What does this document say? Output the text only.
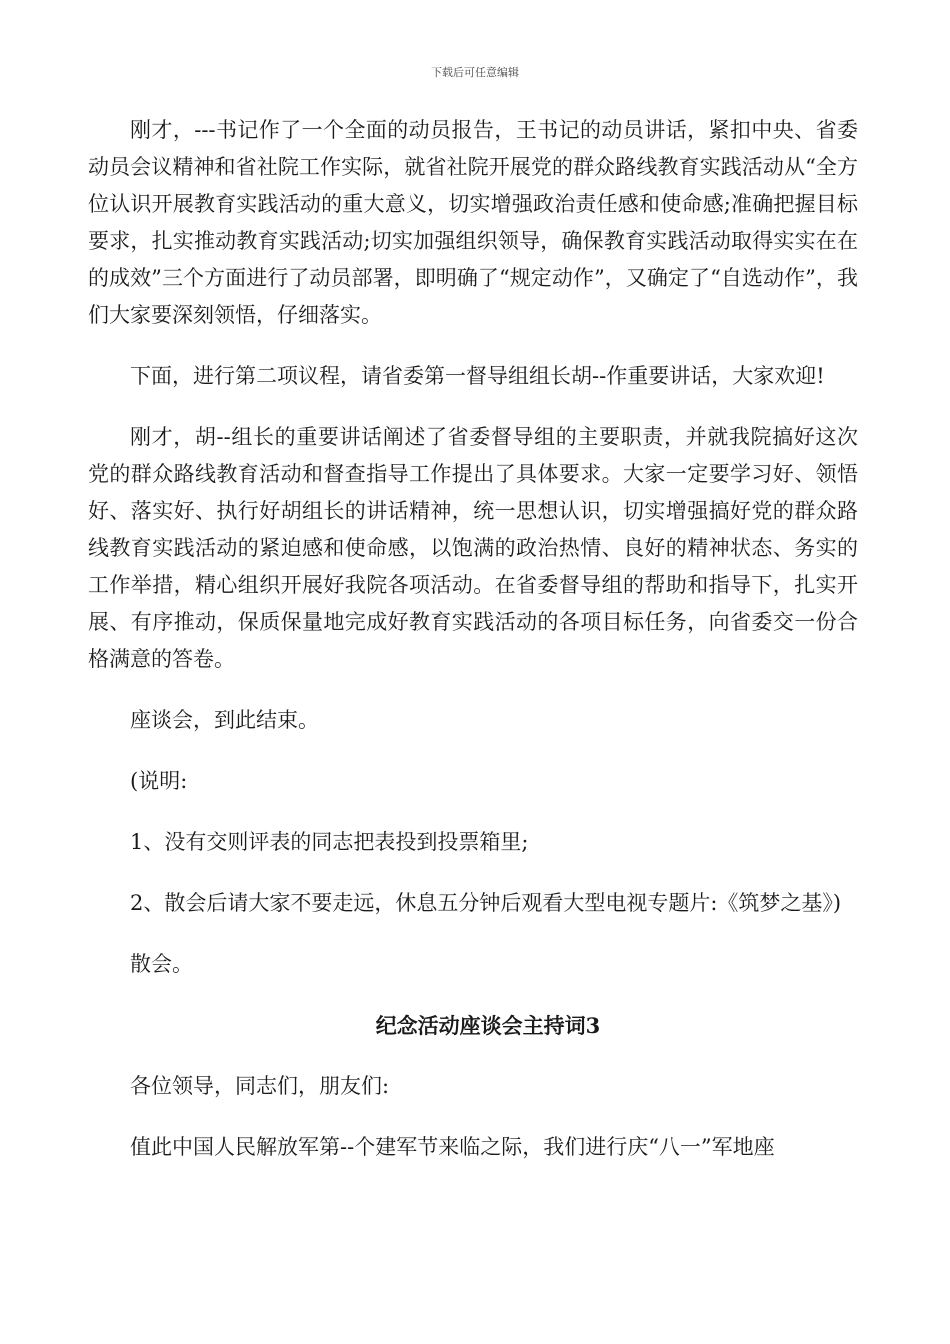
下载后可任意编辑

刚才，---书记作了一个全面的动员报告，王书记的动员讲话，紧扣中央、省委动员会议精神和省社院工作实际，就省社院开展党的群众路线教育实践活动从“全方位认识开展教育实践活动的重大意义，切实增强政治责任感和使命感;准确把握目标要求，扎实推动教育实践活动;切实加强组织领导，确保教育实践活动取得实实在在的成效”三个方面进行了动员部署，即明确了“规定动作”，又确定了“自选动作”，我们大家要深刻领悟，仔细落实。

下面，进行第二项议程，请省委第一督导组组长胡--作重要讲话，大家欢迎!

刚才，胡--组长的重要讲话阐述了省委督导组的主要职责，并就我院搞好这次党的群众路线教育活动和督查指导工作提出了具体要求。大家一定要学习好、领悟好、落实好、执行好胡组长的讲话精神，统一思想认识，切实增强搞好党的群众路线教育实践活动的紧迫感和使命感，以饱满的政治热情、良好的精神状态、务实的工作举措，精心组织开展好我院各项活动。在省委督导组的帮助和指导下，扎实开展、有序推动，保质保量地完成好教育实践活动的各项目标任务，向省委交一份合格满意的答卷。

座谈会，到此结束。

(说明:

1、没有交则评表的同志把表投到投票箱里;

2、散会后请大家不要走远，休息五分钟后观看大型电视专题片:《筑梦之基》)

散会。

纪念活动座谈会主持词3

各位领导，同志们，朋友们:

值此中国人民解放军第--个建军节来临之际，我们进行庆“八一”军地座
